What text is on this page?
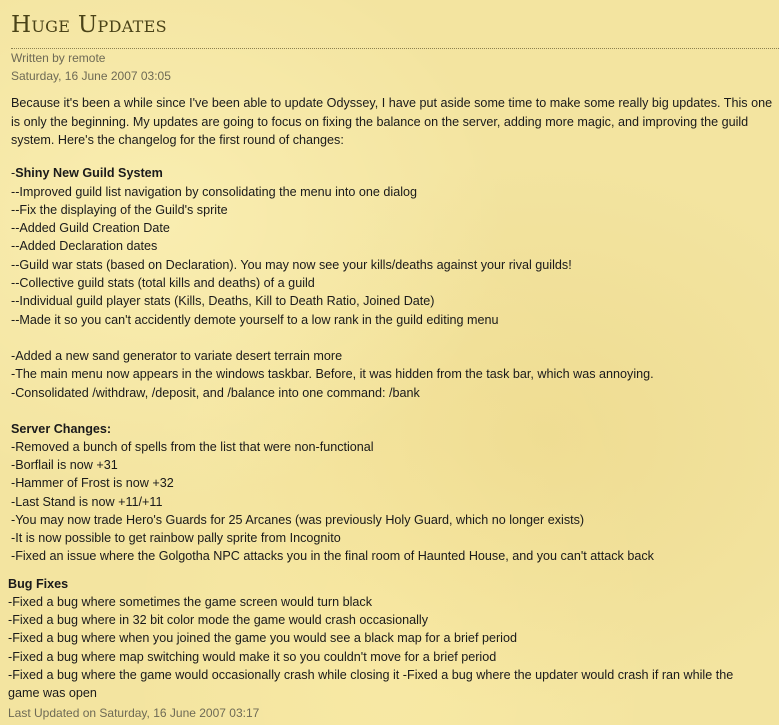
Huge Updates
Written by remote
Saturday, 16 June 2007 03:05

Because it's been a while since I've been able to update Odyssey, I have put aside some time to make some really big updates. This one is only the beginning. My updates are going to focus on fixing the balance on the server, adding more magic, and improving the guild system. Here's the changelog for the first round of changes:

-Shiny New Guild System
--Improved guild list navigation by consolidating the menu into one dialog
--Fix the displaying of the Guild's sprite
--Added Guild Creation Date
--Added Declaration dates
--Guild war stats (based on Declaration). You may now see your kills/deaths against your rival guilds!
--Collective guild stats (total kills and deaths) of a guild
--Individual guild player stats (Kills, Deaths, Kill to Death Ratio, Joined Date)
--Made it so you can't accidently demote yourself to a low rank in the guild editing menu
-Added a new sand generator to variate desert terrain more
-The main menu now appears in the windows taskbar. Before, it was hidden from the task bar, which was annoying.
-Consolidated /withdraw, /deposit, and /balance into one command: /bank
Server Changes:
-Removed a bunch of spells from the list that were non-functional
-Borflail is now +31
-Hammer of Frost is now +32
-Last Stand is now +11/+11
-You may now trade Hero's Guards for 25 Arcanes (was previously Holy Guard, which no longer exists)
-It is now possible to get rainbow pally sprite from Incognito
-Fixed an issue where the Golgotha NPC attacks you in the final room of Haunted House, and you can't attack back
Bug Fixes
-Fixed a bug where sometimes the game screen would turn black
-Fixed a bug where in 32 bit color mode the game would crash occasionally
-Fixed a bug where when you joined the game you would see a black map for a brief period
-Fixed a bug where map switching would make it so you couldn't move for a brief period
-Fixed a bug where the game would occasionally crash while closing it -Fixed a bug where the updater would crash if ran while the
game was open
Last Updated on Saturday, 16 June 2007 03:17
